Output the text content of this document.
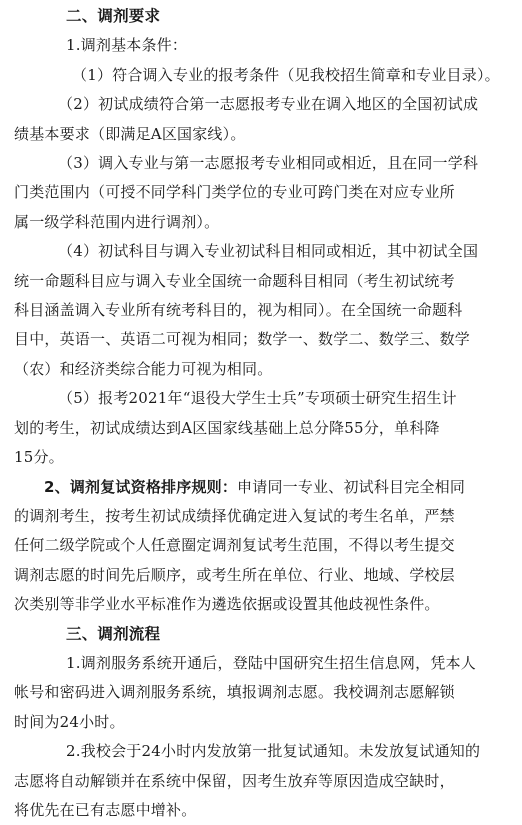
二、调剂要求
1.调剂基本条件：
（1）符合调入专业的报考条件（见我校招生简章和专业目录）。
（2）初试成绩符合第一志愿报考专业在调入地区的全国初试成
绩基本要求（即满足A区国家线）。
（3）调入专业与第一志愿报考专业相同或相近，且在同一学科
门类范围内（可授不同学科门类学位的专业可跨门类在对应专业所
属一级学科范围内进行调剂）。
（4）初试科目与调入专业初试科目相同或相近，其中初试全国
统一命题科目应与调入专业全国统一命题科目相同（考生初试统考
科目涵盖调入专业所有统考科目的，视为相同）。在全国统一命题科
目中，英语一、英语二可视为相同；数学一、数学二、数学三、数学
（农）和经济类综合能力可视为相同。
（5）报考2021年“退役大学生士兵”专项硕士研究生招生计
划的考生，初试成绩达到A区国家线基础上总分降55分，单科降
15分。
2、调剂复试资格排序规则：申请同一专业、初试科目完全相同
的调剂考生，按考生初试成绩择优确定进入复试的考生名单，严禁
任何二级学院或个人任意圈定调剂复试考生范围，不得以考生提交
调剂志愿的时间先后顺序，或考生所在单位、行业、地域、学校层
次类别等非学业水平标准作为遴选依据或设置其他歧视性条件。
三、调剂流程
1.调剂服务系统开通后，登陆中国研究生招生信息网，凭本人
帐号和密码进入调剂服务系统，填报调剂志愿。我校调剂志愿解锁
时间为24小时。
2.我校会于24小时内发放第一批复试通知。未发放复试通知的
志愿将自动解锁并在系统中保留，因考生放弃等原因造成空缺时，
将优先在已有志愿中增补。
